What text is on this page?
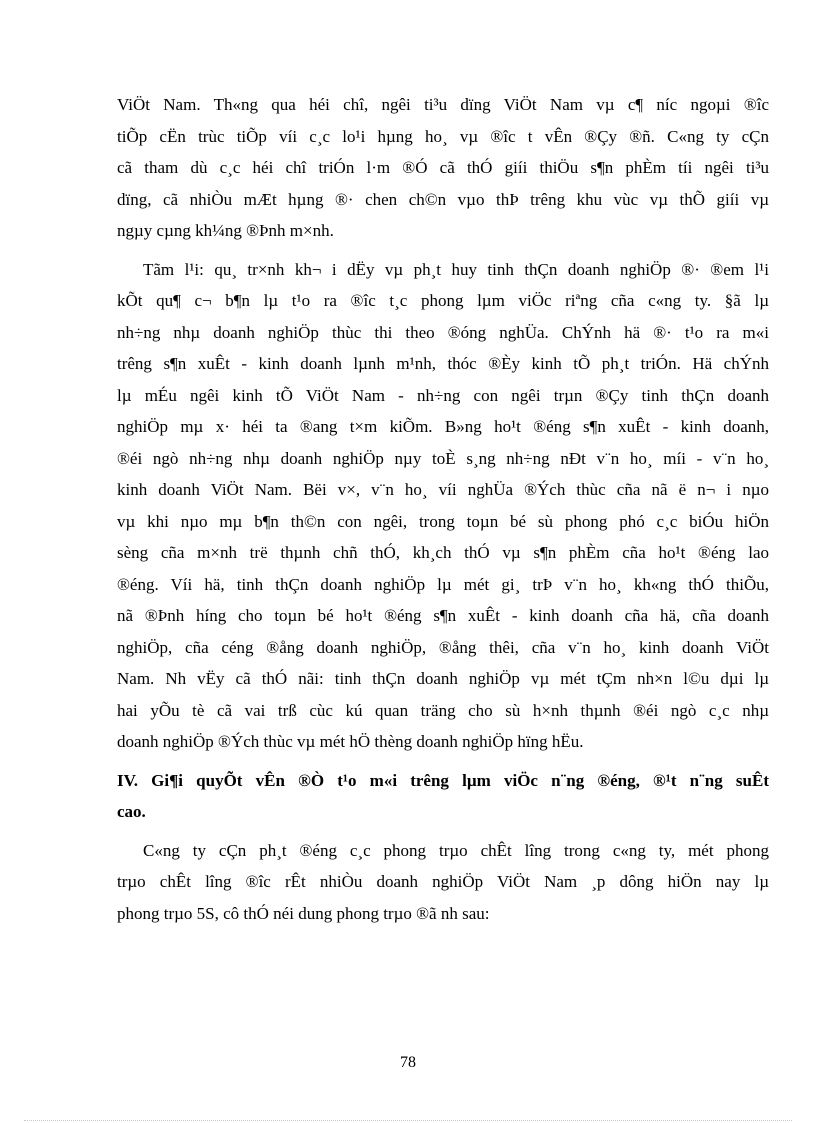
ViÖt Nam. Th«ng qua héi chî, ngêi ti³u dïng ViÖt Nam vµ c¶ níc ngoµi ®îc
tiÕp cËn trùc tiÕp víi c¸c lo¹i hµng ho¸ vµ ®îc t vÊn ®Çy ®ñ. C«ng ty cÇn
cã tham dù c¸c héi chî triÓn l·m ®Ó cã thÓ giíi thiÖu s¶n phÈm tíi ngêi ti³u
dïng, cã nhiÒu mÆt hµng ®· chen ch©n vµo thÞ trêng khu vùc vµ thÕ giíi vµ
ngµy cµng kh¼ng ®Þnh m×nh.
Tãm l¹i: qu¸ tr×nh kh¬ i dËy vµ ph¸t huy tinh thÇn doanh nghiÖp ®· ®em l¹i
kÕt qu¶ c¬ b¶n lµ t¹o ra ®îc t¸c phong lµm viÖc riªng cña c«ng ty. §ã lµ
nh÷ng nhµ doanh nghiÖp thùc thi theo ®óng nghÜa. ChÝnh hä ®· t¹o ra m«i
trêng s¶n xuÊt - kinh doanh lµnh m¹nh, thóc ®Èy kinh tÕ ph¸t triÓn. Hä chÝnh
lµ mÉu ngêi kinh tÕ ViÖt Nam - nh÷ng con ngêi trµn ®Çy tinh thÇn doanh
nghiÖp mµ x· héi ta ®ang t×m kiÕm. B»ng ho¹t ®éng s¶n xuÊt - kinh doanh,
®éi ngò nh÷ng nhµ doanh nghiÖp nµy toÈ s¸ng nh÷ng nÐt v¨n ho¸ míi - v¨n ho¸
kinh doanh ViÖt Nam. Bëi v×, v¨n ho¸ víi nghÜa ®Ých thùc cña nã ë n¬ i nµo
vµ khi nµo mµ b¶n th©n con ngêi, trong toµn bé sù phong phó c¸c biÓu hiÖn
sèng cña m×nh trë thµnh chñ thÓ, kh¸ch thÓ vµ s¶n phÈm cña ho¹t ®éng lao
®éng. Víi hä, tinh thÇn doanh nghiÖp lµ mét gi¸ trÞ v¨n ho¸ kh«ng thÓ thiÕu,
nã ®Þnh híng cho toµn bé ho¹t ®éng s¶n xuÊt - kinh doanh cña hä, cña doanh
nghiÖp, cña céng ®ång doanh nghiÖp, ®ång thêi, cña v¨n ho¸ kinh doanh ViÖt
Nam. Nh vËy cã thÓ nãi: tinh thÇn doanh nghiÖp vµ mét tÇm nh×n l©u dµi lµ
hai yÕu tè cã vai trß cùc kú quan träng cho sù h×nh thµnh ®éi ngò c¸c nhµ
doanh nghiÖp ®Ých thùc vµ mét hÖ thèng doanh nghiÖp hïng hËu.
IV. Gi¶i quyÕt vÊn ®Ò t¹o m«i trêng lµm viÖc n¨ng ®éng, ®¹t n¨ng suÊt
cao.
C«ng ty cÇn ph¸t ®éng c¸c phong trµo chÊt lîng trong c«ng ty, mét phong
trµo chÊt lîng ®îc rÊt nhiÒu doanh nghiÖp ViÖt Nam ¸p dông hiÖn nay lµ
phong trµo 5S, cô thÓ néi dung phong trµo ®ã nh sau:
78
